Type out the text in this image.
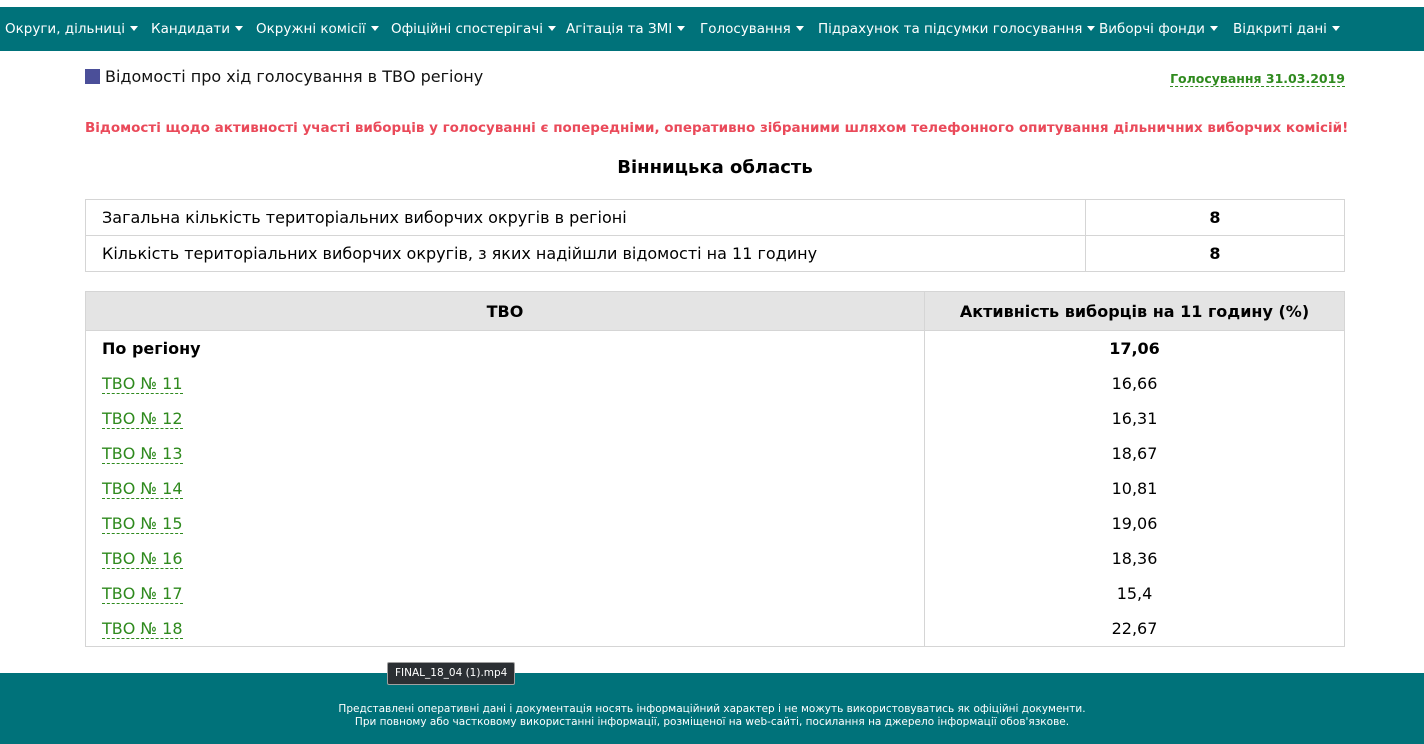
Округи, дільниці	Кандидати	Окружні комісії	Офіційні спостерігачі	Агітація та ЗМІ	Голосування	Підрахунок та підсумки голосування	Виборчі фонди	Відкриті дані
Відомості про хід голосування в ТВО регіону	Голосування 31.03.2019
Відомості щодо активності участі виборців у голосуванні є попередніми, оперативно зібраними шляхом телефонного опитування дільничних виборчих комісій!
Вінницька область
Загальна кількість територіальних виборчих округів в регіоні	8
Кількість територіальних виборчих округів, з яких надійшли відомості на 11 годину	8
ТВО	Активність виборців на 11 годину (%)
По регіону	17,06
ТВО № 11	16,66
ТВО № 12	16,31
ТВО № 13	18,67
ТВО № 14	10,81
ТВО № 15	19,06
ТВО № 16	18,36
ТВО № 17	15,4
ТВО № 18	22,67
Представлені оперативні дані і документація носять інформаційний характер і не можуть використовуватись як офіційні документи.
При повному або частковому використанні інформації, розміщеної на web-сайті, посилання на джерело інформації обов'язкове.
FINAL_18_04 (1).mp4
